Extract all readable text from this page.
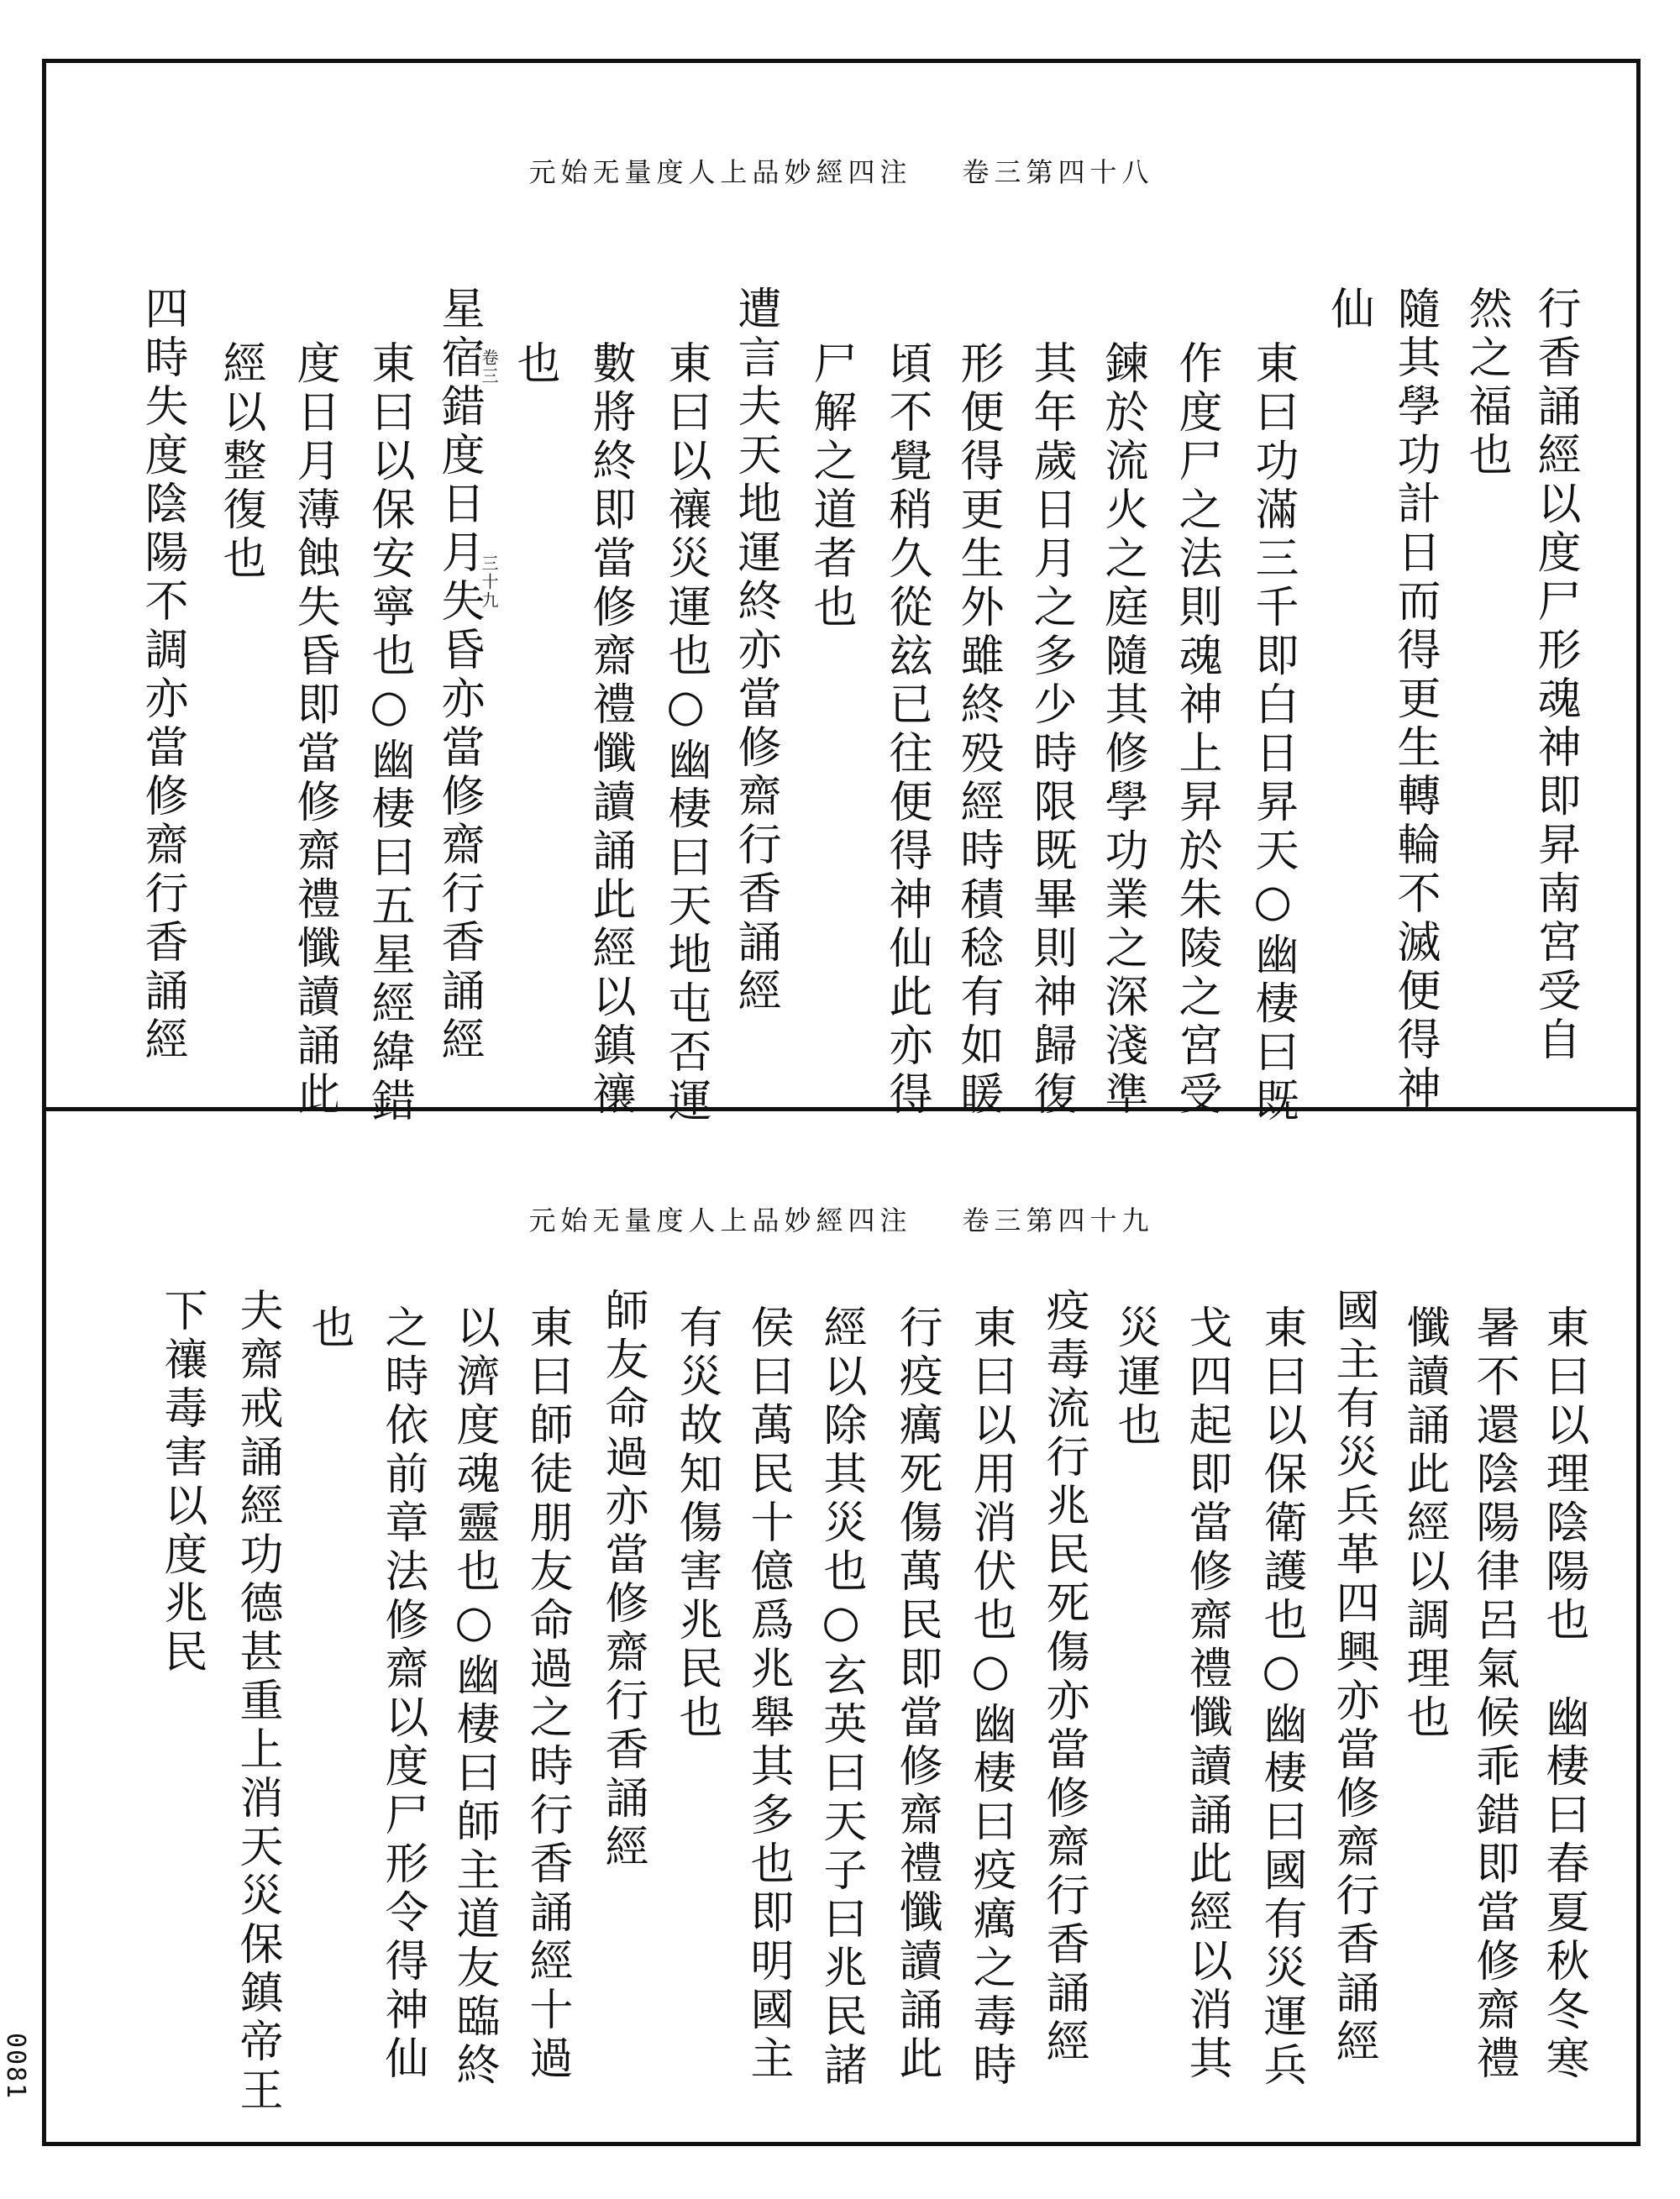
元始无量度人上品妙經四注 卷三第四十八
行香誦經以度尸形魂神即昇南宮受自
然之福也
隨其學功計日而得更生轉輪不滅便得神
仙
東曰功滿三千即白日昇天○幽棲曰既
作度尸之法則魂神上昇於朱陵之宮受
鍊於流火之庭隨其修學功業之深淺準
其年歲日月之多少時限既畢則神歸復
形便得更生外雖終殁經時積稔有如䁔
頃不覺稍久從玆已往便得神仙此亦得
尸解之道者也
遭言夫天地運終亦當修齋行香誦經
東曰以禳災運也○幽棲曰天地屯否運
數將終即當修齋禮懺讀誦此經以鎮禳
也
星宿錯度日月失昏亦當修齋行香誦經
東曰以保安寧也○幽棲曰五星經緯錯
度日月薄蝕失昏即當修齋禮懺讀誦此
經以整復也
四時失度陰陽不調亦當修齋行香誦經	卷三
三十九
元始无量度人上品妙經四注 卷三第四十九
東曰以理陰陽也　幽棲曰春夏秋冬寒
暑不還陰陽律呂氣候乖錯即當修齋禮
懺讀誦此經以調理也
國主有災兵革四興亦當修齋行香誦經
東曰以保衛護也○幽棲曰國有災運兵
戈四起即當修齋禮懺讀誦此經以消其
災運也
疫毒流行兆民死傷亦當修齋行香誦經
東曰以用消伏也○幽棲曰疫癘之毒時
行疫癘死傷萬民即當修齋禮懺讀誦此
經以除其災也○玄英曰天子曰兆民諸
侯曰萬民十億爲兆舉其多也即明國主
有災故知傷害兆民也
師友命過亦當修齋行香誦經
東曰師徒朋友命過之時行香誦經十過
以濟度魂靈也○幽棲曰師主道友臨終
之時依前章法修齋以度尸形令得神仙
也
夫齋戒誦經功德甚重上消天災保鎮帝王
下禳毒害以度兆民
0081
